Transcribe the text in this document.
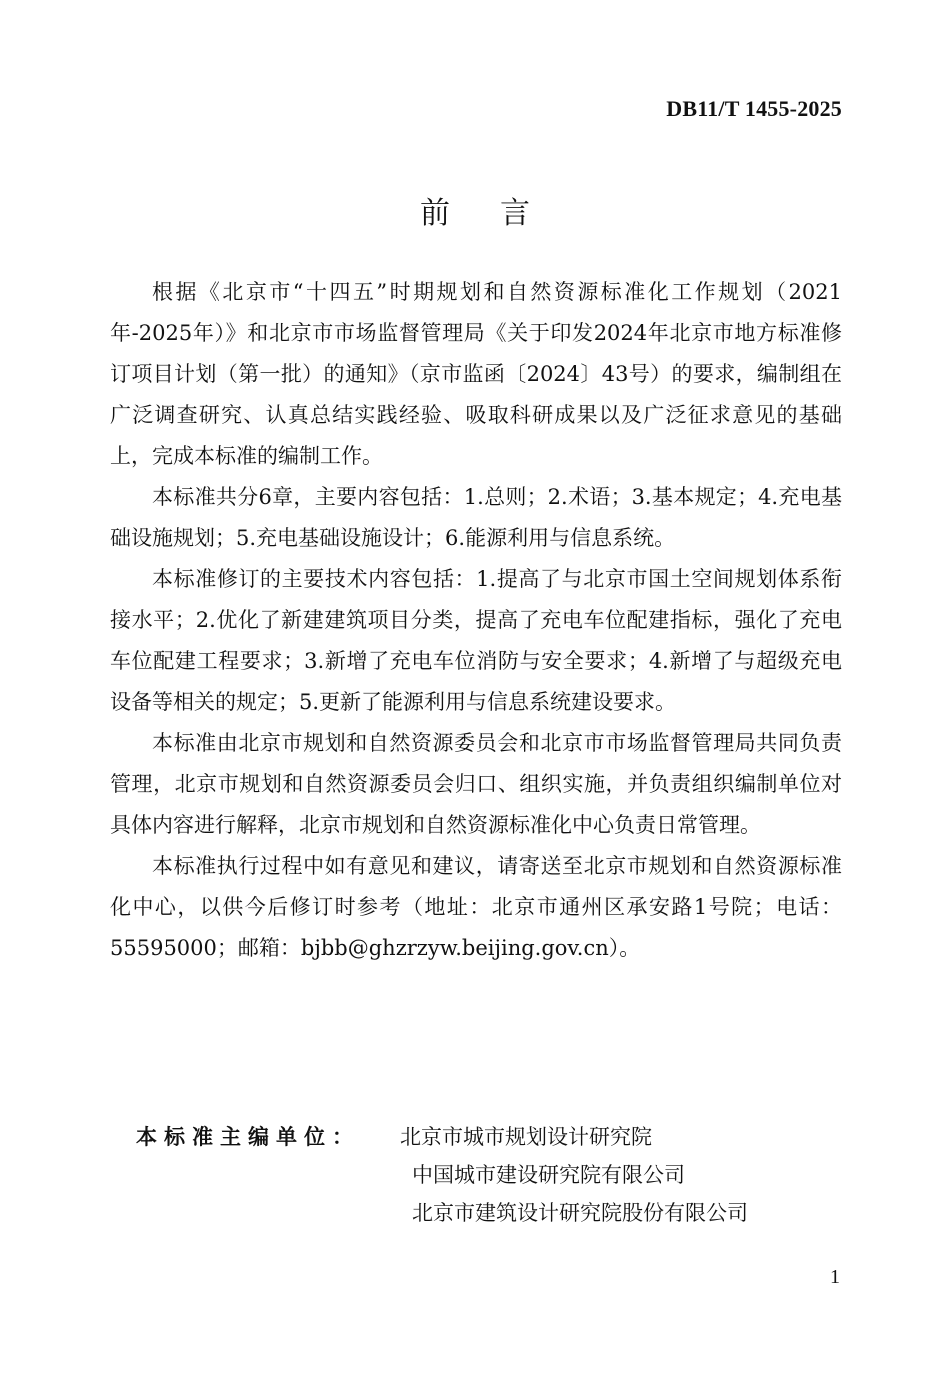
DB11/T 1455-2025
前 言

根据《北京市“十四五”时期规划和自然资源标准化工作规划（2021年-2025年）》和北京市市场监督管理局《关于印发2024年北京市地方标准修订项目计划（第一批）的通知》（京市监函〔2024〕43号）的要求，编制组在广泛调查研究、认真总结实践经验、吸取科研成果以及广泛征求意见的基础上，完成本标准的编制工作。

本标准共分6章，主要内容包括：1.总则；2.术语；3.基本规定；4.充电基础设施规划；5.充电基础设施设计；6.能源利用与信息系统。

本标准修订的主要技术内容包括：1.提高了与北京市国土空间规划体系衔接水平；2.优化了新建建筑项目分类，提高了充电车位配建指标，强化了充电车位配建工程要求；3.新增了充电车位消防与安全要求；4.新增了与超级充电设备等相关的规定；5.更新了能源利用与信息系统建设要求。

本标准由北京市规划和自然资源委员会和北京市市场监督管理局共同负责管理，北京市规划和自然资源委员会归口、组织实施，并负责组织编制单位对具体内容进行解释，北京市规划和自然资源标准化中心负责日常管理。

本标准执行过程中如有意见和建议，请寄送至北京市规划和自然资源标准化中心，以供今后修订时参考（地址：北京市通州区承安路1号院；电话：55595000；邮箱：bjbb@ghzrzyw.beijing.gov.cn）。

本标准主编单位：	北京市城市规划设计研究院
中国城市建设研究院有限公司
北京市建筑设计研究院股份有限公司
1
